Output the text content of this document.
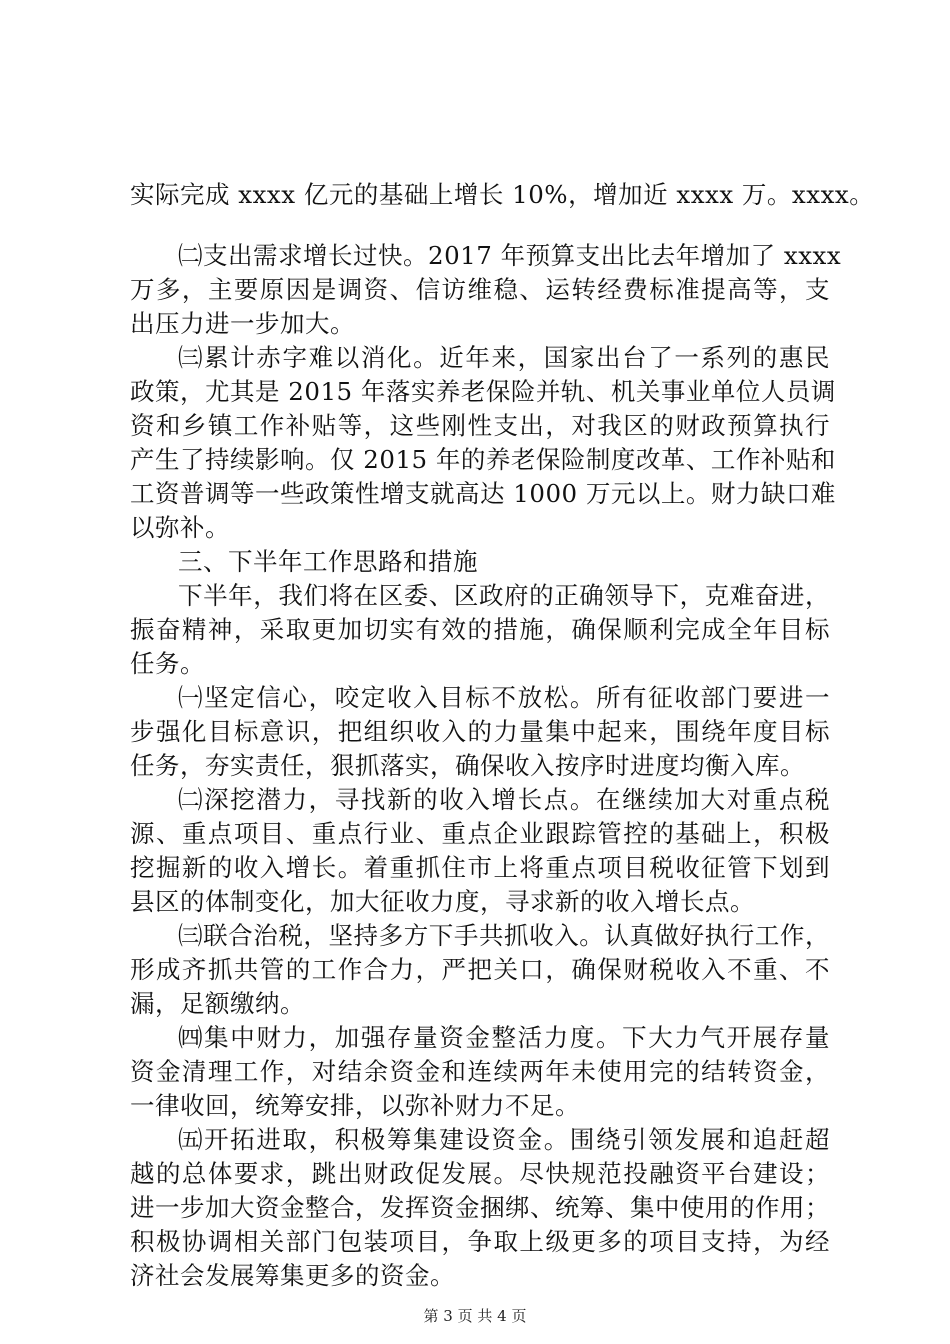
实际完成 xxxx 亿元的基础上增长 10%，增加近 xxxx 万。xxxx。
㈡支出需求增长过快。2017 年预算支出比去年增加了 xxxx
万多，主要原因是调资、信访维稳、运转经费标准提高等，支
出压力进一步加大。
㈢累计赤字难以消化。近年来，国家出台了一系列的惠民
政策，尤其是 2015 年落实养老保险并轨、机关事业单位人员调
资和乡镇工作补贴等，这些刚性支出，对我区的财政预算执行
产生了持续影响。仅 2015 年的养老保险制度改革、工作补贴和
工资普调等一些政策性增支就高达 1000 万元以上。财力缺口难
以弥补。
三、下半年工作思路和措施
下半年，我们将在区委、区政府的正确领导下，克难奋进，
振奋精神，采取更加切实有效的措施，确保顺利完成全年目标
任务。
㈠坚定信心，咬定收入目标不放松。所有征收部门要进一
步强化目标意识，把组织收入的力量集中起来，围绕年度目标
任务，夯实责任，狠抓落实，确保收入按序时进度均衡入库。
㈡深挖潜力，寻找新的收入增长点。在继续加大对重点税
源、重点项目、重点行业、重点企业跟踪管控的基础上，积极
挖掘新的收入增长。着重抓住市上将重点项目税收征管下划到
县区的体制变化，加大征收力度，寻求新的收入增长点。
㈢联合治税，坚持多方下手共抓收入。认真做好执行工作，
形成齐抓共管的工作合力，严把关口，确保财税收入不重、不
漏，足额缴纳。
㈣集中财力，加强存量资金整活力度。下大力气开展存量
资金清理工作，对结余资金和连续两年未使用完的结转资金，
一律收回，统筹安排，以弥补财力不足。
㈤开拓进取，积极筹集建设资金。围绕引领发展和追赶超
越的总体要求，跳出财政促发展。尽快规范投融资平台建设；
进一步加大资金整合，发挥资金捆绑、统筹、集中使用的作用；
第 3 页 共 4 页
积极协调相关部门包装项目，争取上级更多的项目支持，为经
济社会发展筹集更多的资金。
